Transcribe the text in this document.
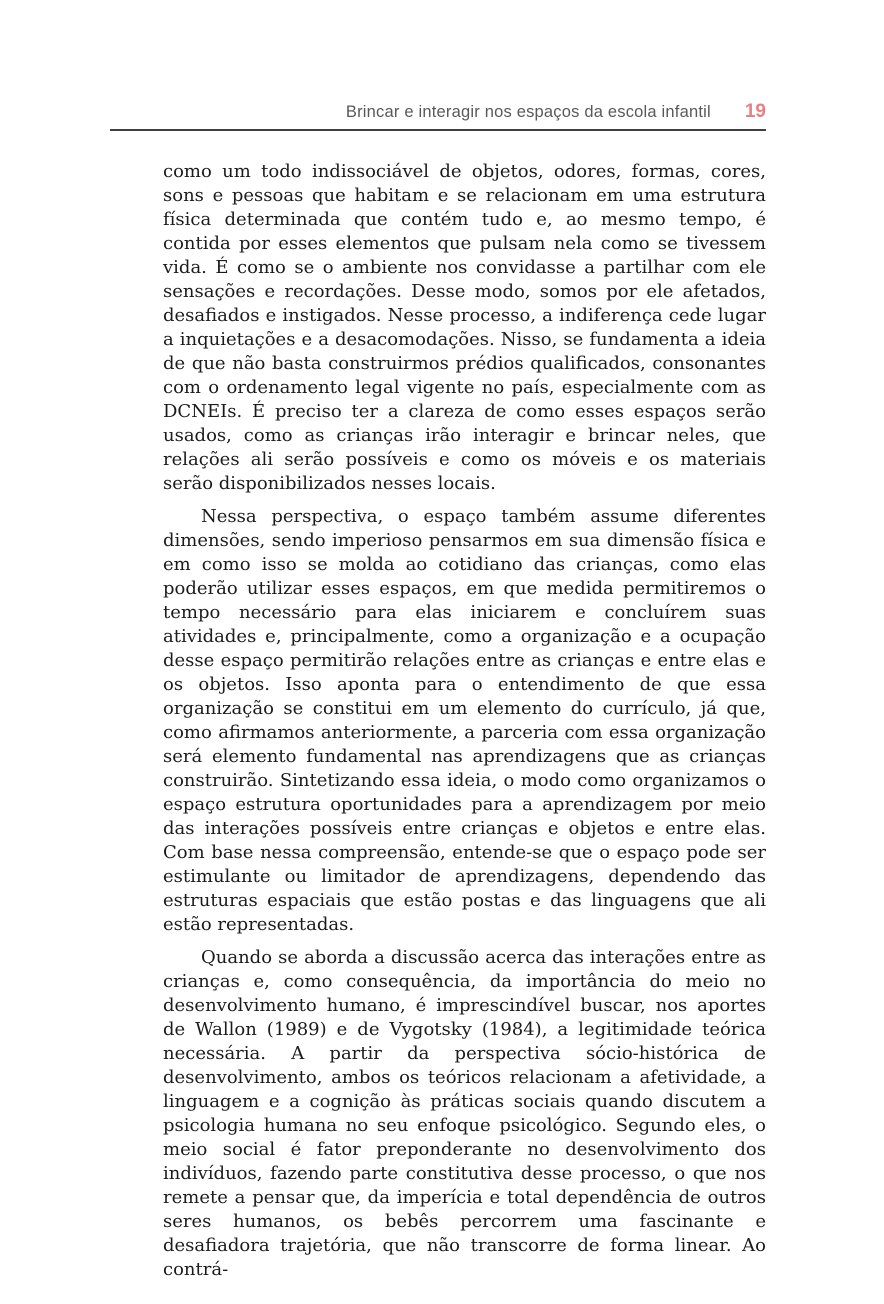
Brincar e interagir nos espaços da escola infantil 19

como um todo indissociável de objetos, odores, formas, cores, sons e pessoas que habitam e se relacionam em uma estrutura física determinada que contém tudo e, ao mesmo tempo, é contida por esses elementos que pulsam nela como se tivessem vida. É como se o ambiente nos convidasse a partilhar com ele sensações e recordações. Desse modo, somos por ele afetados, desafiados e instigados. Nesse processo, a indiferença cede lugar a inquietações e a desacomodações. Nisso, se fundamenta a ideia de que não basta construirmos prédios qualificados, consonantes com o ordenamento legal vigente no país, especialmente com as DCNEIs. É preciso ter a clareza de como esses espaços serão usados, como as crianças irão interagir e brincar neles, que relações ali serão possíveis e como os móveis e os materiais serão disponibilizados nesses locais.

Nessa perspectiva, o espaço também assume diferentes dimensões, sendo imperioso pensarmos em sua dimensão física e em como isso se molda ao cotidiano das crianças, como elas poderão utilizar esses espaços, em que medida permitiremos o tempo necessário para elas iniciarem e concluírem suas atividades e, principalmente, como a organização e a ocupação desse espaço permitirão relações entre as crianças e entre elas e os objetos. Isso aponta para o entendimento de que essa organização se constitui em um elemento do currículo, já que, como afirmamos anteriormente, a parceria com essa organização será elemento fundamental nas aprendizagens que as crianças construirão. Sintetizando essa ideia, o modo como organizamos o espaço estrutura oportunidades para a aprendizagem por meio das interações possíveis entre crianças e objetos e entre elas. Com base nessa compreensão, entende-se que o espaço pode ser estimulante ou limitador de aprendizagens, dependendo das estruturas espaciais que estão postas e das linguagens que ali estão representadas.

Quando se aborda a discussão acerca das interações entre as crianças e, como consequência, da importância do meio no desenvolvimento humano, é imprescindível buscar, nos aportes de Wallon (1989) e de Vygotsky (1984), a legitimidade teórica necessária. A partir da perspectiva sócio-histórica de desenvolvimento, ambos os teóricos relacionam a afetividade, a linguagem e a cognição às práticas sociais quando discutem a psicologia humana no seu enfoque psicológico. Segundo eles, o meio social é fator preponderante no desenvolvimento dos indivíduos, fazendo parte constitutiva desse processo, o que nos remete a pensar que, da imperícia e total dependência de outros seres humanos, os bebês percorrem uma fascinante e desafiadora trajetória, que não transcorre de forma linear. Ao contrá-
